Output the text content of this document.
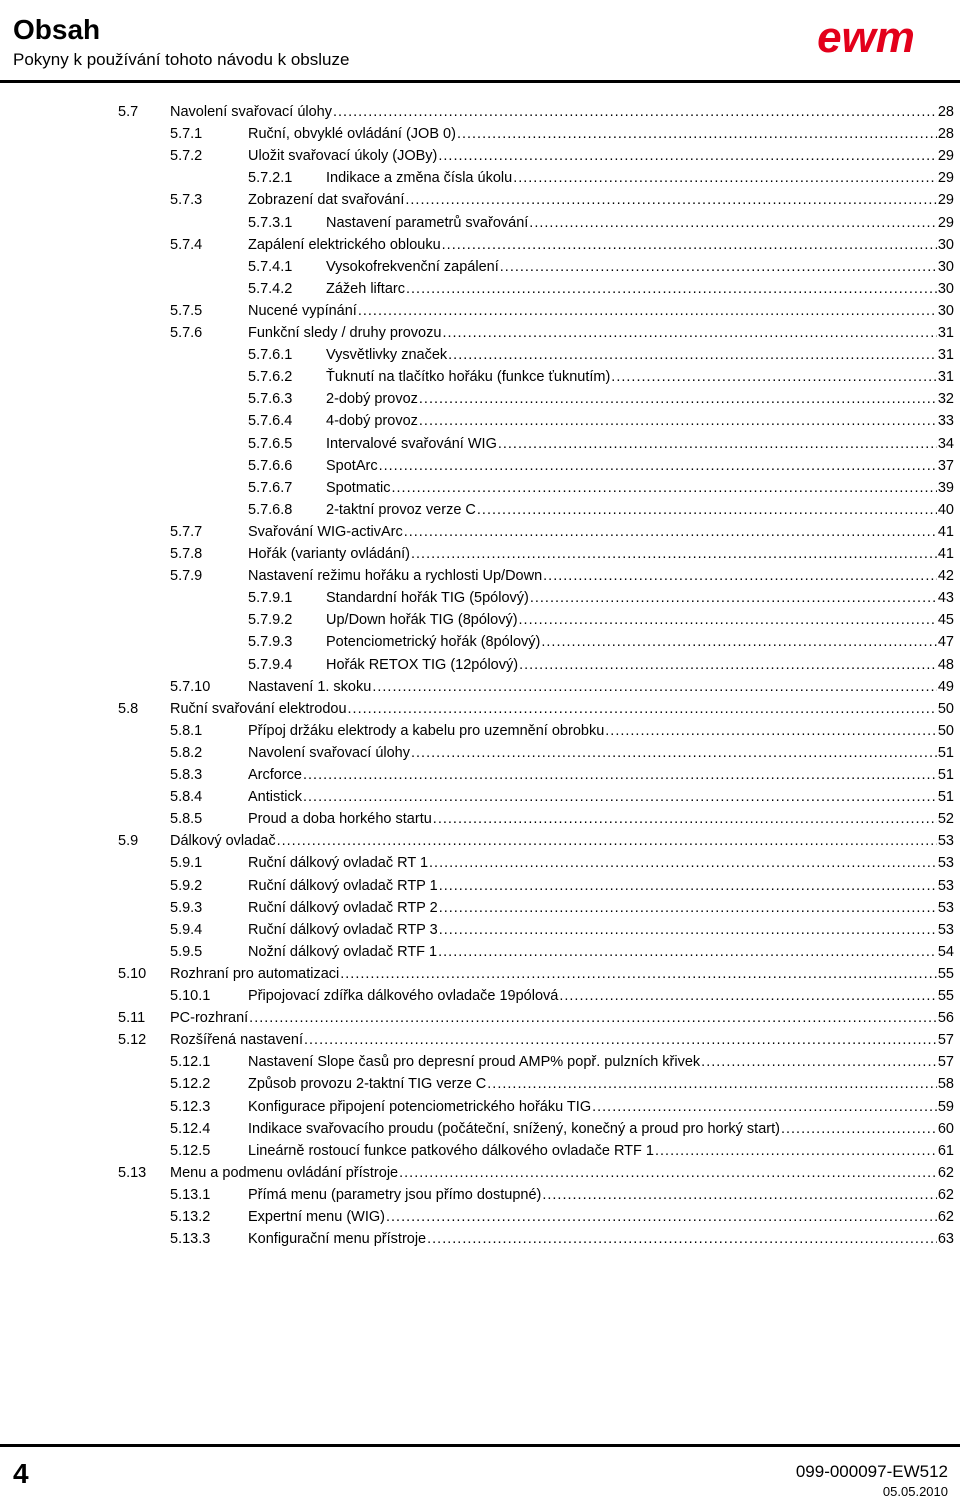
Obsah
Pokyny k používání tohoto návodu k obsluze	ewm
5.7 Navolení svařovací úlohy .....	28
5.7.1	Ruční, obvyklé ovládání (JOB 0) .....	28
5.7.2	Uložit svařovací úkoly (JOBy) .....	29
5.7.2.1 Indikace a změna čísla úkolu .....	29
5.7.3	Zobrazení dat svařování .....	29
5.7.3.1 Nastavení parametrů svařování .....	29
5.7.4	Zapálení elektrického oblouku .....	30
5.7.4.1 Vysokofrekvenční zapálení .....	30
5.7.4.2 Zážeh liftarc .....	30
5.7.5	Nucené vypínání .....	30
5.7.6	Funkční sledy / druhy provozu .....	31
5.7.6.1 Vysvětlivky značek .....	31
5.7.6.2 Ťuknutí na tlačítko hořáku (funkce ťuknutím) .....	31
5.7.6.3 2-dobý provoz .....	32
5.7.6.4 4-dobý provoz .....	33
5.7.6.5 Intervalové svařování WIG .....	34
5.7.6.6 SpotArc .....	37
5.7.6.7 Spotmatic .....	39
5.7.6.8 2-taktní provoz verze C .....	40
5.7.7	Svařování WIG-activArc .....	41
5.7.8	Hořák (varianty ovládání) .....	41
5.7.9	Nastavení režimu hořáku a rychlosti Up/Down .....	42
5.7.9.1 Standardní hořák TIG (5pólový) .....	43
5.7.9.2 Up/Down hořák TIG (8pólový) .....	45
5.7.9.3 Potenciometrický hořák (8pólový) .....	47
5.7.9.4 Hořák RETOX TIG (12pólový) .....	48
5.7.10	Nastavení 1. skoku .....	49
5.8 Ruční svařování elektrodou .....	50
5.8.1	Přípoj držáku elektrody a kabelu pro uzemnění obrobku .....	50
5.8.2	Navolení svařovací úlohy .....	51
5.8.3	Arcforce .....	51
5.8.4	Antistick .....	51
5.8.5	Proud a doba horkého startu .....	52
5.9 Dálkový ovladač .....	53
5.9.1	Ruční dálkový ovladač RT 1 .....	53
5.9.2	Ruční dálkový ovladač RTP 1 .....	53
5.9.3	Ruční dálkový ovladač RTP 2 .....	53
5.9.4	Ruční dálkový ovladač RTP 3 .....	53
5.9.5	Nožní dálkový ovladač RTF 1 .....	54
5.10 Rozhraní pro automatizaci .....	55
5.10.1	Připojovací zdířka dálkového ovladače 19pólová .....	55
5.11 PC-rozhraní .....	56
5.12 Rozšířená nastavení .....	57
5.12.1	Nastavení Slope časů pro depresní proud AMP% popř. pulzních křivek .....	57
5.12.2	Způsob provozu 2-taktní TIG verze C .....	58
5.12.3	Konfigurace připojení potenciometrického hořáku TIG .....	59
5.12.4	Indikace svařovacího proudu (počáteční, snížený, konečný a proud pro horký start) .....	60
5.12.5	Lineárně rostoucí funkce patkového dálkového ovladače RTF 1 .....	61
5.13 Menu a podmenu ovládání přístroje .....	62
5.13.1	Přímá menu (parametry jsou přímo dostupné) .....	62
5.13.2	Expertní menu (WIG) .....	62
5.13.3	Konfigurační menu přístroje .....	63
4	099-000097-EW512
05.05.2010
